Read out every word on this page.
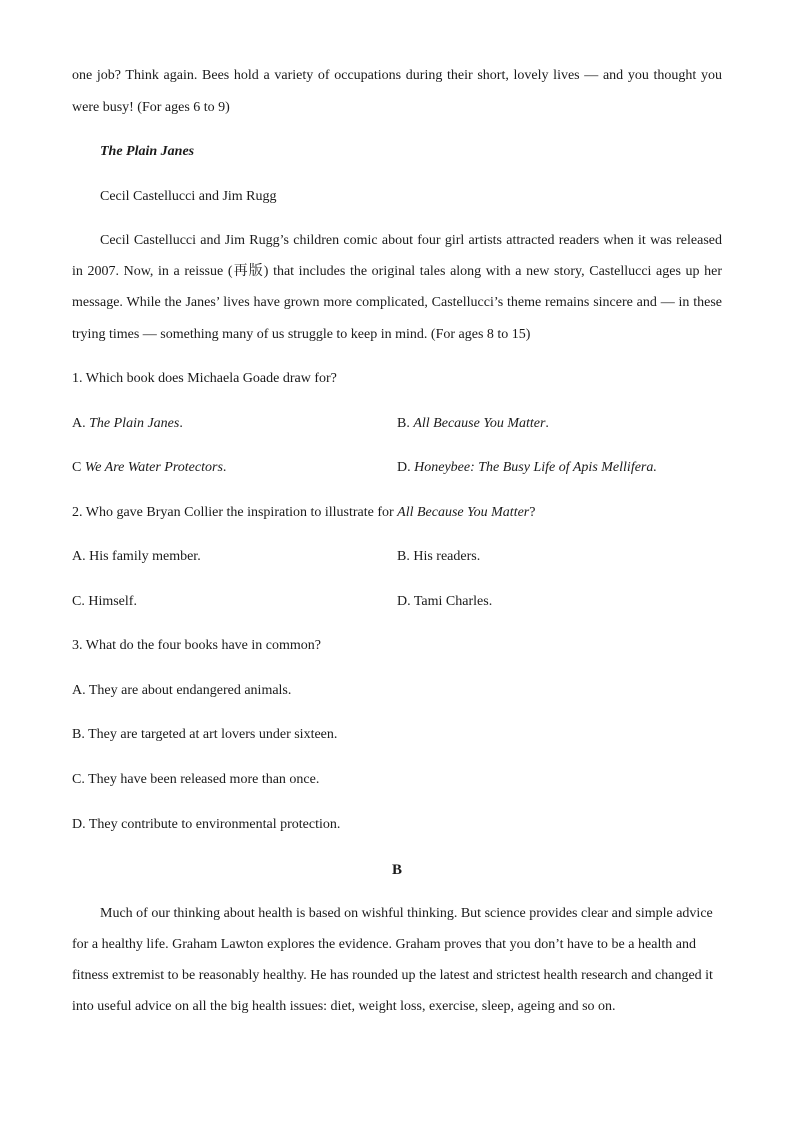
one job? Think again. Bees hold a variety of occupations during their short, lovely lives — and you thought you
were busy! (For ages 6 to 9)
The Plain Janes
Cecil Castellucci and Jim Rugg
Cecil Castellucci and Jim Rugg’s children comic about four girl artists attracted readers when it was released
in 2007. Now, in a reissue (再版) that includes the original tales along with a new story, Castellucci ages up her
message. While the Janes’ lives have grown more complicated, Castellucci’s theme remains sincere and — in these
trying times — something many of us struggle to keep in mind. (For ages 8 to 15)
1. Which book does Michaela Goade draw for?
A. The Plain Janes.	B. All Because You Matter.
C We Are Water Protectors.	D. Honeybee: The Busy Life of Apis Mellifera.
2. Who gave Bryan Collier the inspiration to illustrate for All Because You Matter?
A. His family member.	B. His readers.
C. Himself.	D. Tami Charles.
3. What do the four books have in common?
A. They are about endangered animals.
B. They are targeted at art lovers under sixteen.
C. They have been released more than once.
D. They contribute to environmental protection.
B
Much of our thinking about health is based on wishful thinking. But science provides clear and simple advice
for a healthy life. Graham Lawton explores the evidence. Graham proves that you don’t have to be a health and
fitness extremist to be reasonably healthy. He has rounded up the latest and strictest health research and changed it
into useful advice on all the big health issues: diet, weight loss, exercise, sleep, ageing and so on.
